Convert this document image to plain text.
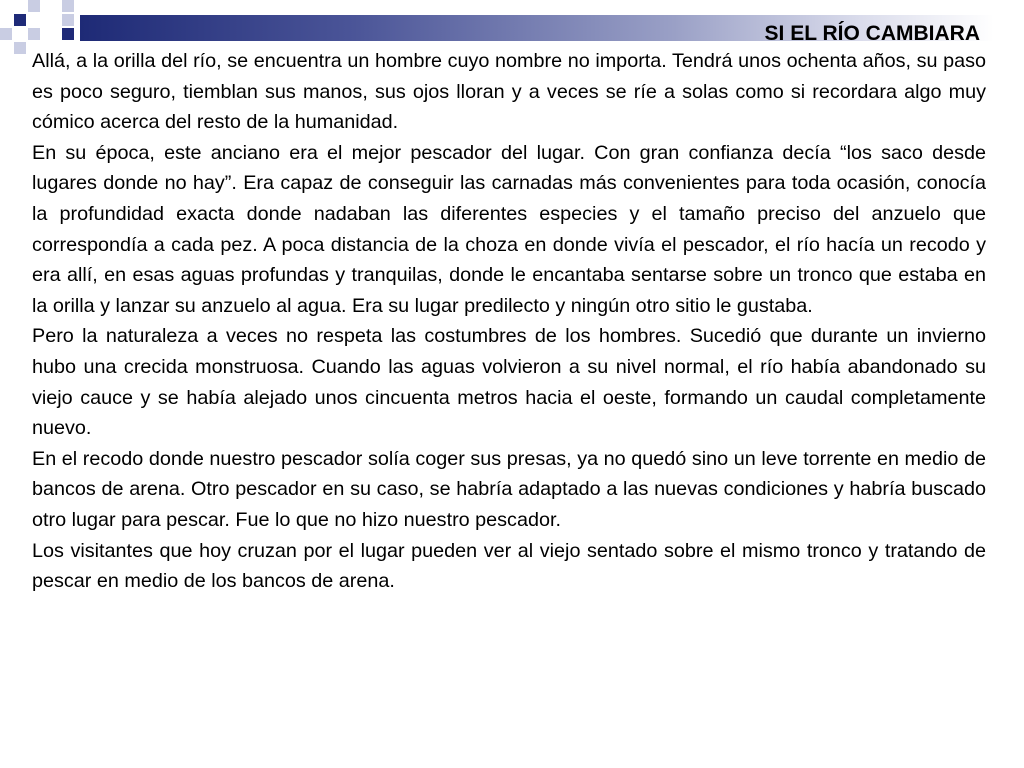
SI EL RÍO CAMBIARA

Allá, a la orilla del río, se encuentra un hombre cuyo nombre no importa. Tendrá unos ochenta años, su paso es poco seguro, tiemblan sus manos, sus ojos lloran y a veces se ríe a solas como si recordara algo muy cómico acerca del resto de la humanidad.

En su época, este anciano era el mejor pescador del lugar. Con gran confianza decía “los saco desde lugares donde no hay”. Era capaz de conseguir las carnadas más convenientes para toda ocasión, conocía la profundidad exacta donde nadaban las diferentes especies y el tamaño preciso del anzuelo que correspondía a cada pez. A poca distancia de la choza en donde vivía el pescador, el río hacía un recodo y era allí, en esas aguas profundas y tranquilas, donde le encantaba sentarse sobre un tronco que estaba en la orilla y lanzar su anzuelo al agua. Era su lugar predilecto y ningún otro sitio le gustaba.

Pero la naturaleza a veces no respeta las costumbres de los hombres. Sucedió que durante un invierno hubo una crecida monstruosa. Cuando las aguas volvieron a su nivel normal, el río había abandonado su viejo cauce y se había alejado unos cincuenta metros hacia el oeste, formando un caudal completamente nuevo.

En el recodo donde nuestro pescador solía coger sus presas, ya no quedó sino un leve torrente en medio de bancos de arena. Otro pescador en su caso, se habría adaptado a las nuevas condiciones y habría buscado otro lugar para pescar. Fue lo que no hizo nuestro pescador.

Los visitantes que hoy cruzan por el lugar pueden ver al viejo sentado sobre el mismo tronco y tratando de pescar en medio de los bancos de arena.
